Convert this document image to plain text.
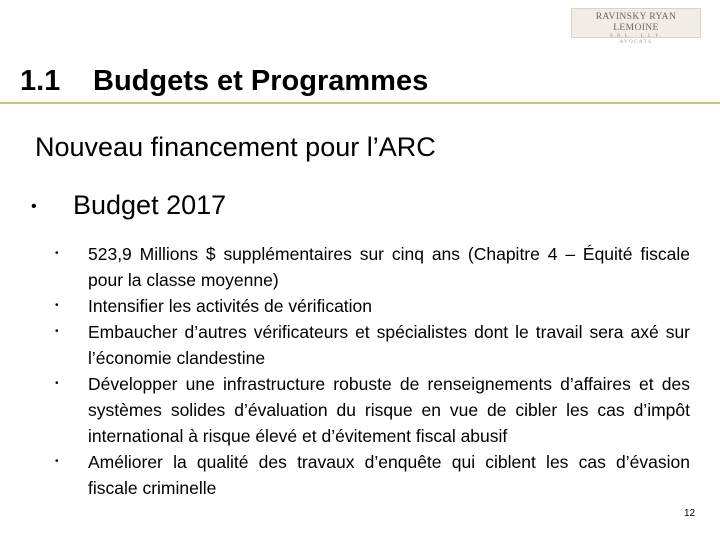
RAVINSKY RYAN LEMOINE
S.R.L. · L.L.P.
AVOCATS
1.1 Budgets et Programmes
Nouveau financement pour l’ARC
• Budget 2017
• 523,9 Millions $ supplémentaires sur cinq ans (Chapitre 4 – Équité fiscale pour la classe moyenne)
• Intensifier les activités de vérification
• Embaucher d’autres vérificateurs et spécialistes dont le travail sera axé sur l’économie clandestine
• Développer une infrastructure robuste de renseignements d’affaires et des systèmes solides d’évaluation du risque en vue de cibler les cas d’impôt international à risque élevé et d’évitement fiscal abusif
• Améliorer la qualité des travaux d’enquête qui ciblent les cas d’évasion fiscale criminelle
12
